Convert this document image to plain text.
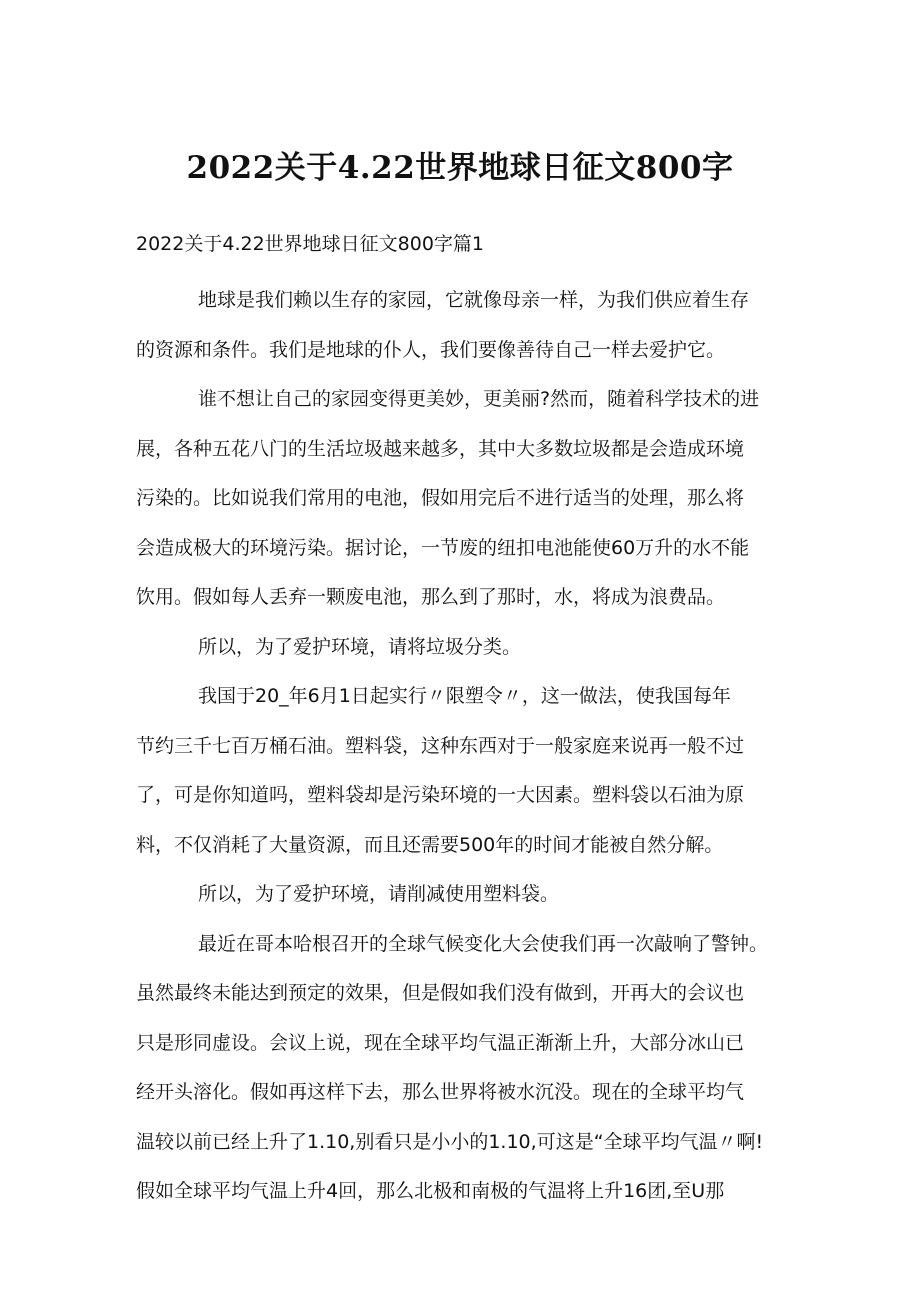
2022关于4.22世界地球日征文800字
2022关于4.22世界地球日征文800字篇1
地球是我们赖以生存的家园，它就像母亲一样，为我们供应着生存
的资源和条件。我们是地球的仆人，我们要像善待自己一样去爱护它。
谁不想让自己的家园变得更美妙，更美丽?然而，随着科学技术的进
展，各种五花八门的生活垃圾越来越多，其中大多数垃圾都是会造成环境
污染的。比如说我们常用的电池，假如用完后不进行适当的处理，那么将
会造成极大的环境污染。据讨论，一节废的纽扣电池能使60万升的水不能
饮用。假如每人丢弃一颗废电池，那么到了那时，水，将成为浪费品。
所以，为了爱护环境，请将垃圾分类。
我国于20_年6月1日起实行〃限塑令〃，这一做法，使我国每年
节约三千七百万桶石油。塑料袋，这种东西对于一般家庭来说再一般不过
了，可是你知道吗，塑料袋却是污染环境的一大因素。塑料袋以石油为原
料，不仅消耗了大量资源，而且还需要500年的时间才能被自然分解。
所以，为了爱护环境，请削减使用塑料袋。
最近在哥本哈根召开的全球气候变化大会使我们再一次敲响了警钟。
虽然最终未能达到预定的效果，但是假如我们没有做到，开再大的会议也
只是形同虚设。会议上说，现在全球平均气温正渐渐上升，大部分冰山已
经开头溶化。假如再这样下去，那么世界将被水沉没。现在的全球平均气
温较以前已经上升了1.10,别看只是小小的1.10,可这是“全球平均气温〃啊!
假如全球平均气温上升4回，那么北极和南极的气温将上升16团,至U那
